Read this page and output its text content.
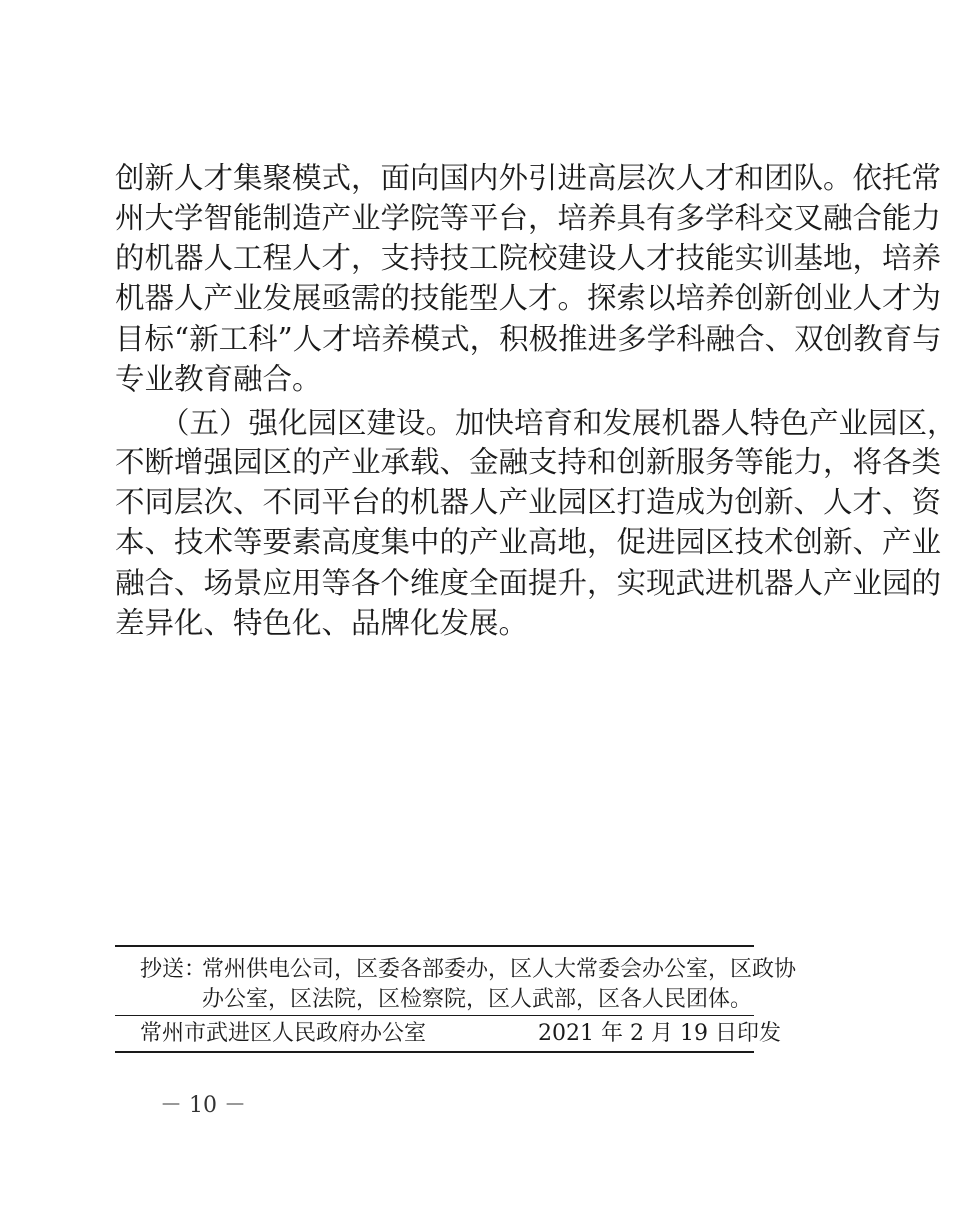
创新人才集聚模式，面向国内外引进高层次人才和团队。依托常
州大学智能制造产业学院等平台，培养具有多学科交叉融合能力
的机器人工程人才，支持技工院校建设人才技能实训基地，培养
机器人产业发展亟需的技能型人才。探索以培养创新创业人才为
目标“新工科”人才培养模式，积极推进多学科融合、双创教育与
专业教育融合。
（五）强化园区建设。加快培育和发展机器人特色产业园区，
不断增强园区的产业承载、金融支持和创新服务等能力，将各类
不同层次、不同平台的机器人产业园区打造成为创新、人才、资
本、技术等要素高度集中的产业高地，促进园区技术创新、产业
融合、场景应用等各个维度全面提升，实现武进机器人产业园的
差异化、特色化、品牌化发展。
抄送：
常州供电公司，区委各部委办，区人大常委会办公室，区政协
办公室，区法院，区检察院，区人武部，区各人民团体。
常州市武进区人民政府办公室	2021 年 2 月 19 日印发
－ 10 －
